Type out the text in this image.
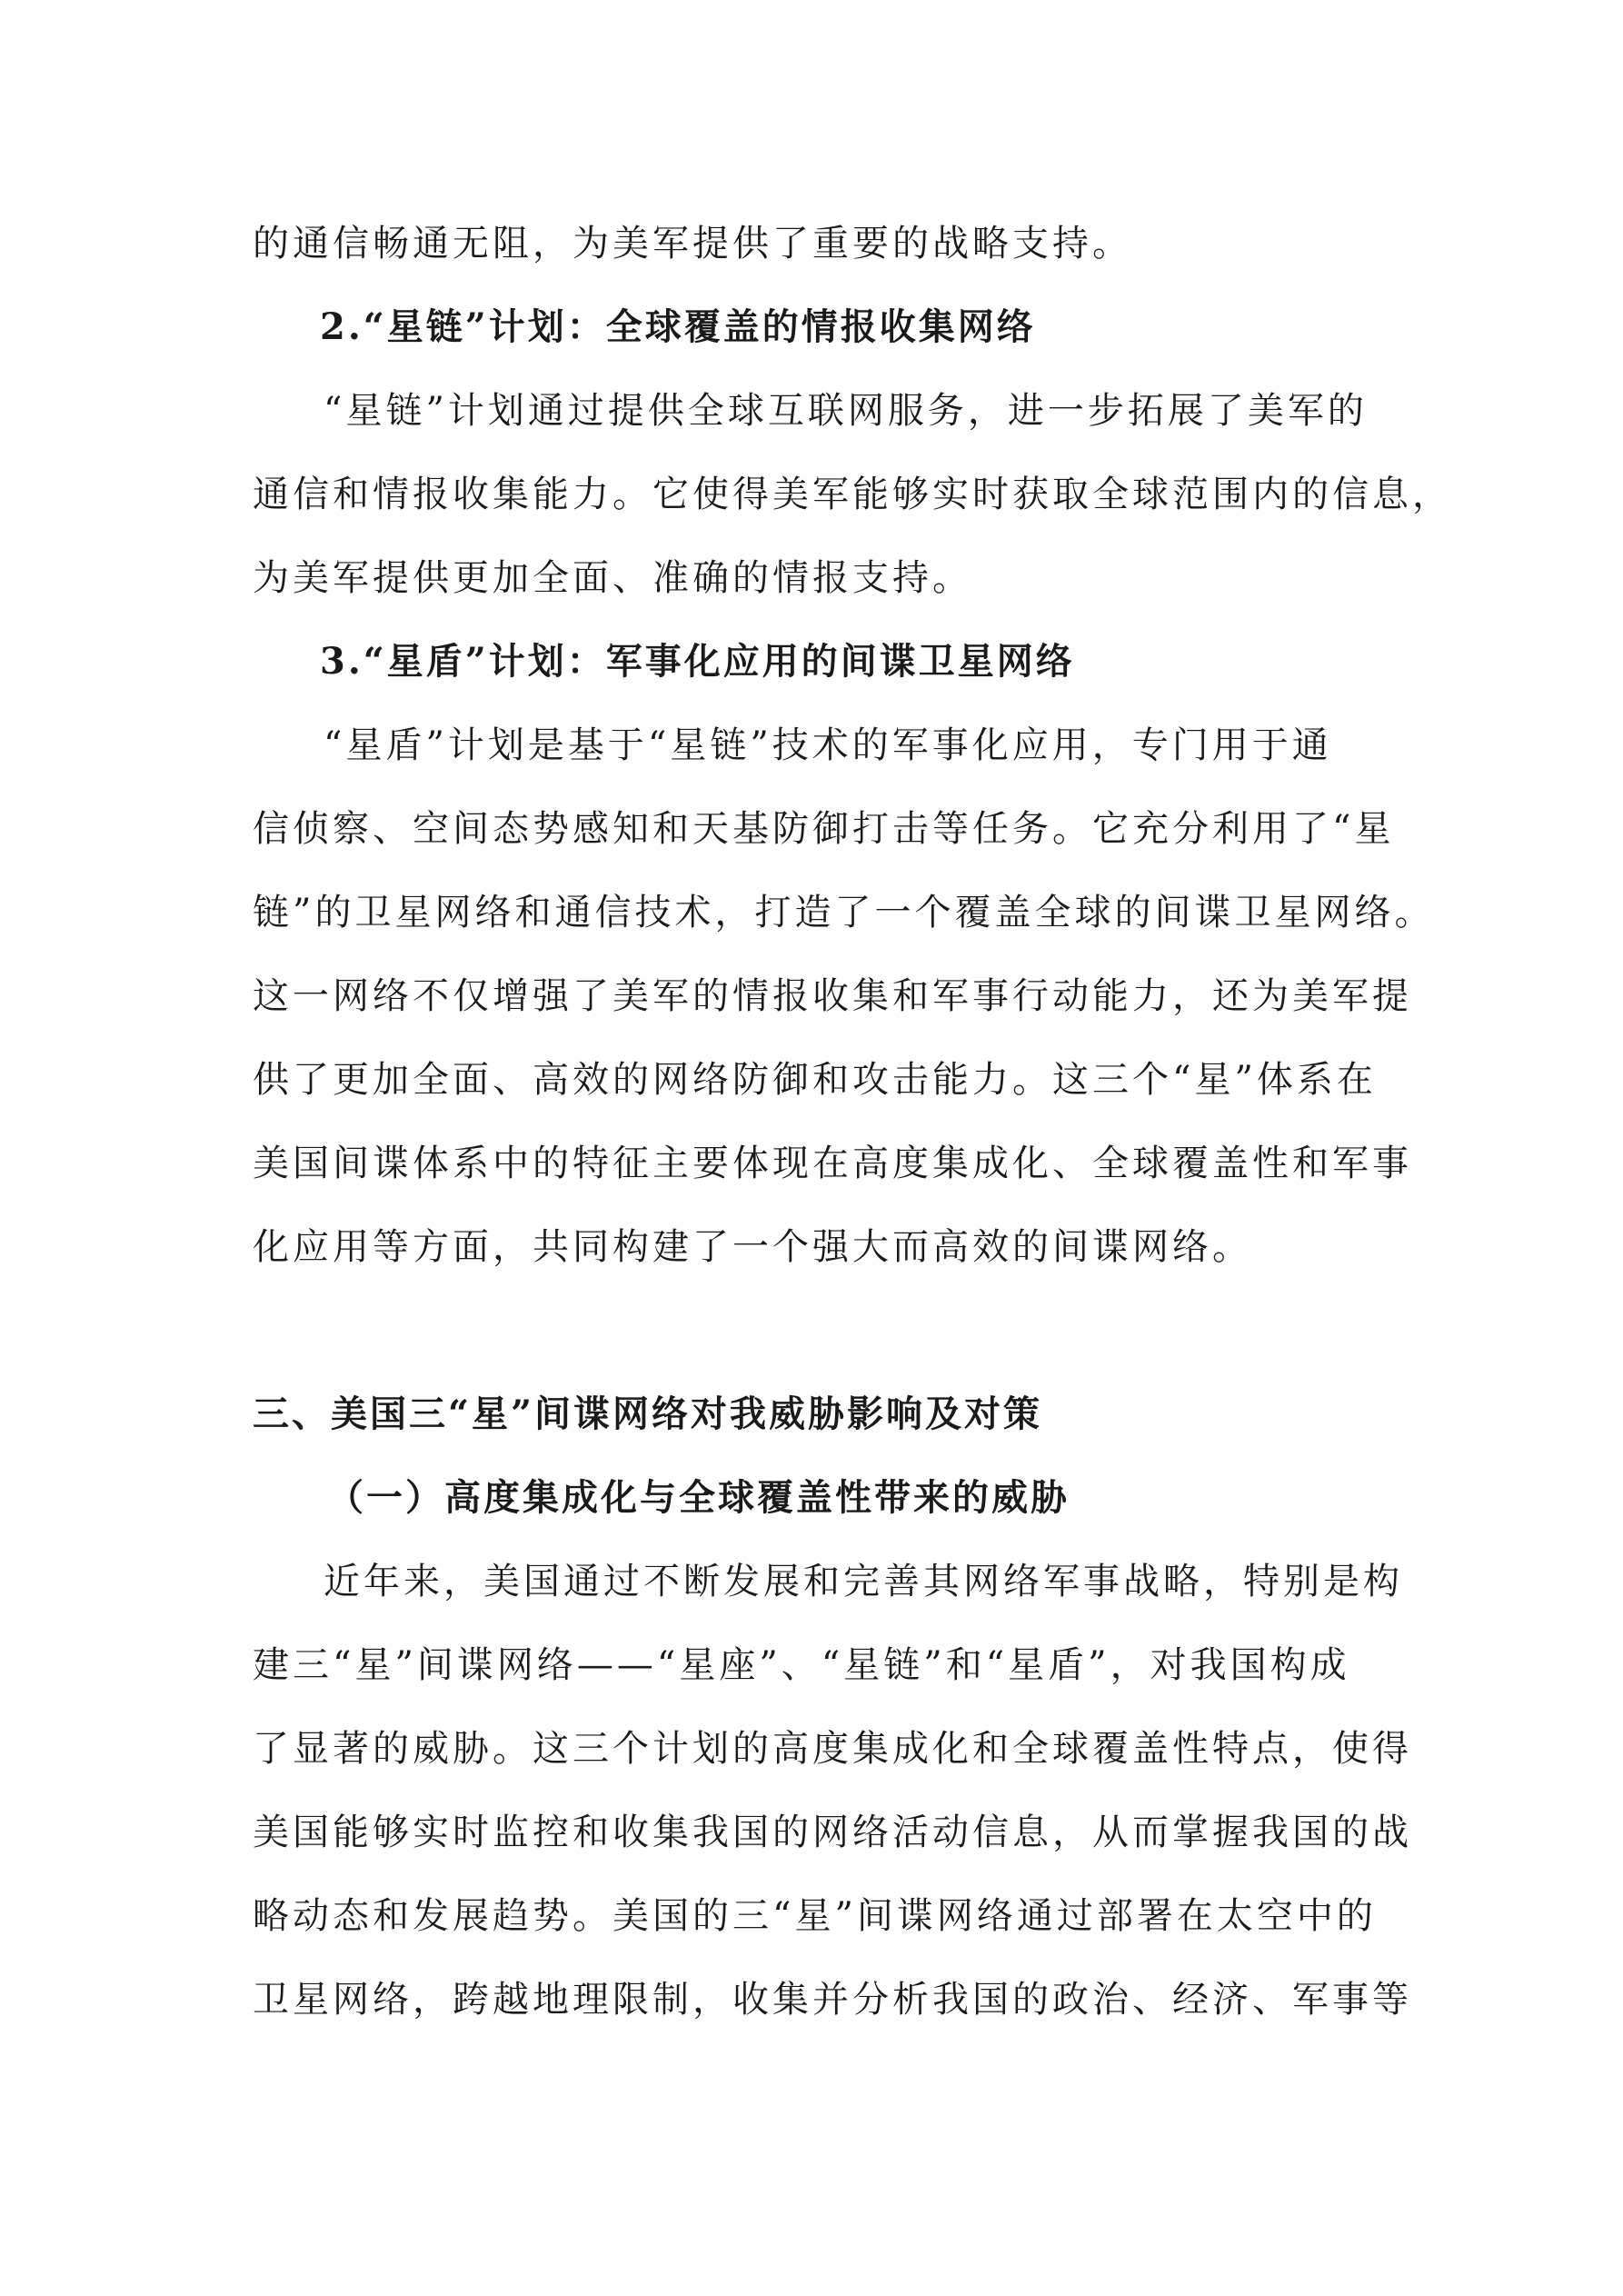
的通信畅通无阻，为美军提供了重要的战略支持。
2.“星链”计划：全球覆盖的情报收集网络
“星链”计划通过提供全球互联网服务，进一步拓展了美军的
通信和情报收集能力。它使得美军能够实时获取全球范围内的信息，
为美军提供更加全面、准确的情报支持。
3.“星盾”计划：军事化应用的间谍卫星网络
“星盾”计划是基于“星链”技术的军事化应用，专门用于通
信侦察、空间态势感知和天基防御打击等任务。它充分利用了“星
链”的卫星网络和通信技术，打造了一个覆盖全球的间谍卫星网络。
这一网络不仅增强了美军的情报收集和军事行动能力，还为美军提
供了更加全面、高效的网络防御和攻击能力。这三个“星”体系在
美国间谍体系中的特征主要体现在高度集成化、全球覆盖性和军事
化应用等方面，共同构建了一个强大而高效的间谍网络。
三、美国三“星”间谍网络对我威胁影响及对策
（一）高度集成化与全球覆盖性带来的威胁
近年来，美国通过不断发展和完善其网络军事战略，特别是构
建三“星”间谍网络——“星座”、“星链”和“星盾”，对我国构成
了显著的威胁。这三个计划的高度集成化和全球覆盖性特点，使得
美国能够实时监控和收集我国的网络活动信息，从而掌握我国的战
略动态和发展趋势。美国的三“星”间谍网络通过部署在太空中的
卫星网络，跨越地理限制，收集并分析我国的政治、经济、军事等
